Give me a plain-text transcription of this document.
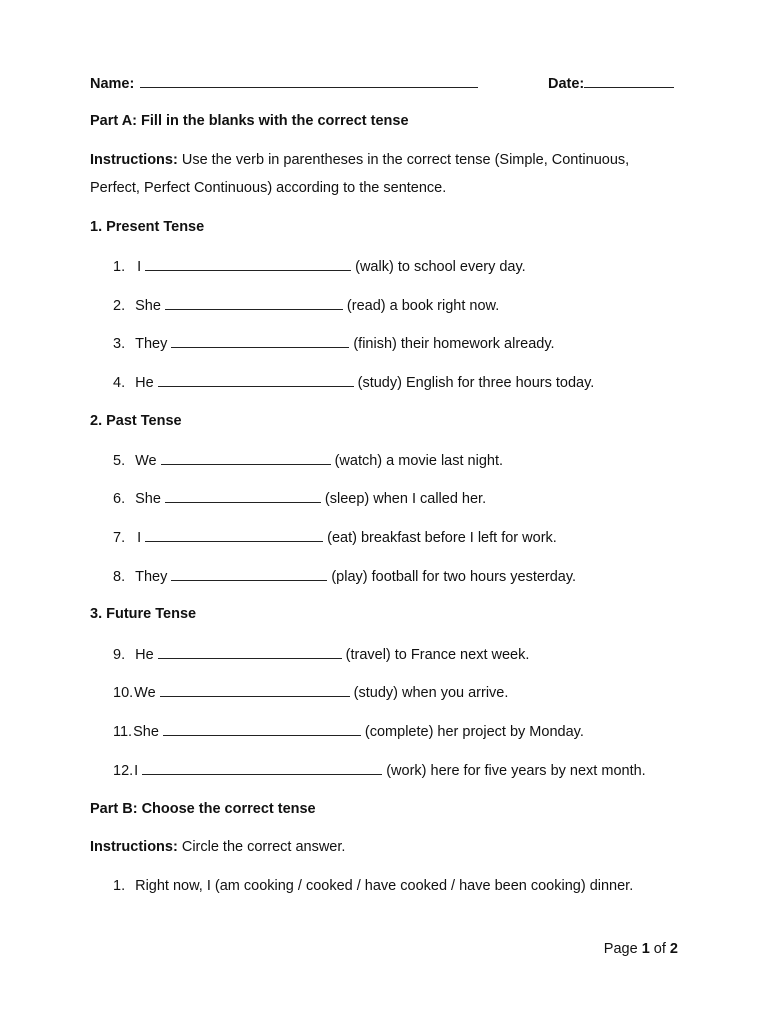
Name:	Date:
Part A: Fill in the blanks with the correct tense
Instructions: Use the verb in parentheses in the correct tense (Simple, Continuous,
Perfect, Perfect Continuous) according to the sentence.
1. Present Tense
1. I	(walk) to school every day.
2. She	(read) a book right now.
3. They	(finish) their homework already.
4. He	(study) English for three hours today.
2. Past Tense
5. We	(watch) a movie last night.
6. She	(sleep) when I called her.
7. I	(eat) breakfast before I left for work.
8. They	(play) football for two hours yesterday.
3. Future Tense
9. He	(travel) to France next week.
10.We	(study) when you arrive.
11.She	(complete) her project by Monday.
12.I	(work) here for five years by next month.
Part B: Choose the correct tense
Instructions: Circle the correct answer.
1. Right now, I (am cooking / cooked / have cooked / have been cooking) dinner.
Page 1 of 2
